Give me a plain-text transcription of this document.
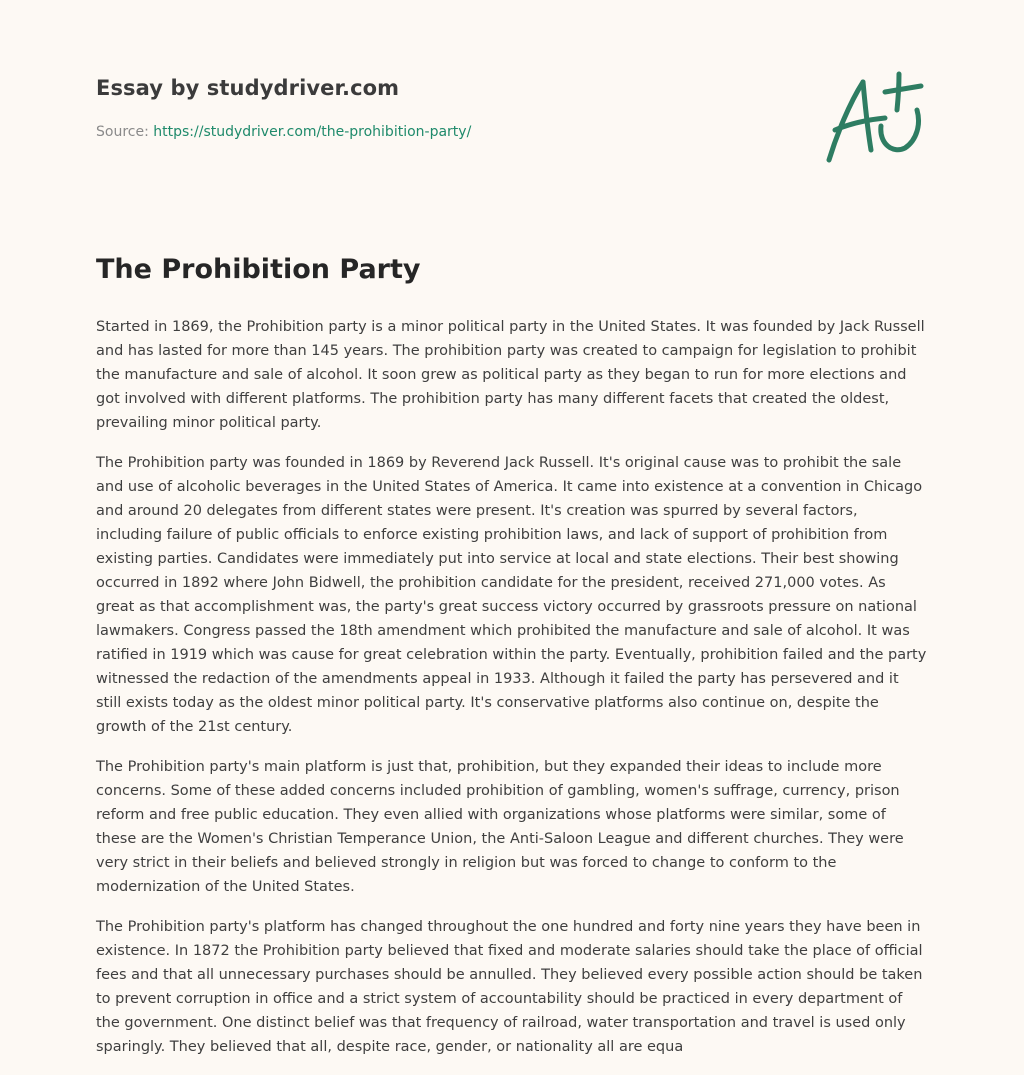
Essay by studydriver.com
Source: https://studydriver.com/the-prohibition-party/
The Prohibition Party

Started in 1869, the Prohibition party is a minor political party in the United States. It was founded by Jack Russell and has lasted for more than 145 years. The prohibition party was created to campaign for legislation to prohibit the manufacture and sale of alcohol. It soon grew as political party as they began to run for more elections and got involved with different platforms. The prohibition party has many different facets that created the oldest, prevailing minor political party.

The Prohibition party was founded in 1869 by Reverend Jack Russell. It's original cause was to prohibit the sale and use of alcoholic beverages in the United States of America. It came into existence at a convention in Chicago and around 20 delegates from different states were present. It's creation was spurred by several factors, including failure of public officials to enforce existing prohibition laws, and lack of support of prohibition from existing parties. Candidates were immediately put into service at local and state elections. Their best showing occurred in 1892 where John Bidwell, the prohibition candidate for the president, received 271,000 votes. As great as that accomplishment was, the party's great success victory occurred by grassroots pressure on national lawmakers. Congress passed the 18th amendment which prohibited the manufacture and sale of alcohol. It was ratified in 1919 which was cause for great celebration within the party. Eventually, prohibition failed and the party witnessed the redaction of the amendments appeal in 1933. Although it failed the party has persevered and it still exists today as the oldest minor political party. It's conservative platforms also continue on, despite the growth of the 21st century.

The Prohibition party's main platform is just that, prohibition, but they expanded their ideas to include more concerns. Some of these added concerns included prohibition of gambling, women's suffrage, currency, prison reform and free public education. They even allied with organizations whose platforms were similar, some of these are the Women's Christian Temperance Union, the Anti-Saloon League and different churches. They were very strict in their beliefs and believed strongly in religion but was forced to change to conform to the modernization of the United States.

The Prohibition party's platform has changed throughout the one hundred and forty nine years they have been in existence. In 1872 the Prohibition party believed that fixed and moderate salaries should take the place of official fees and that all unnecessary purchases should be annulled. They believed every possible action should be taken to prevent corruption in office and a strict system of accountability should be practiced in every department of the government. One distinct belief was that frequency of railroad, water transportation and travel is used only sparingly. They believed that all, despite race, gender, or nationality all are equa
